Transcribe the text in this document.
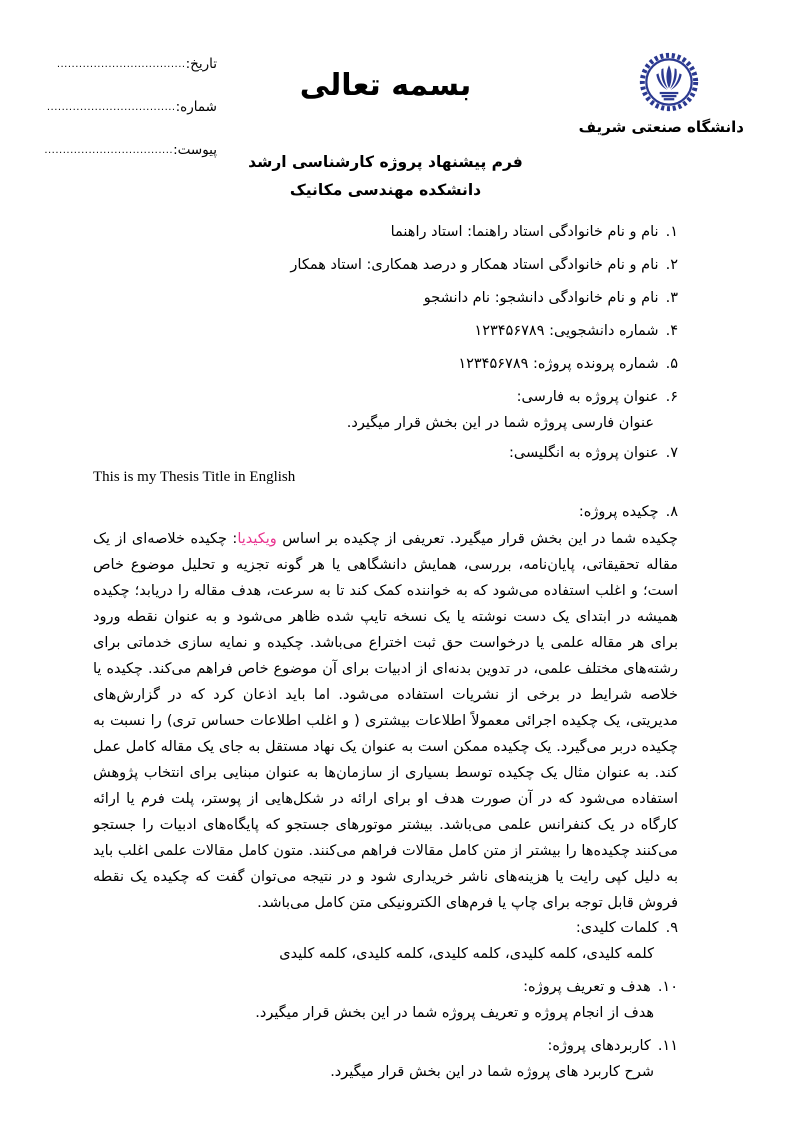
تاریخ:
...................................
شماره:
...................................
پیوست:
...................................
بسمه تعالی
دانشگاه صنعتی شریف
فرم پیشنهاد پروژه کارشناسی ارشد
دانشکده مهندسی مکانیک
۱.
نام و نام خانوادگی استاد راهنما: استاد راهنما
۲.
نام و نام خانوادگی استاد همکار و درصد همکاری: استاد همکار
۳.
نام و نام خانوادگی دانشجو: نام دانشجو
۴.
شماره دانشجویی: ۱۲۳۴۵۶۷۸۹
۵.
شماره پرونده پروژه: ۱۲۳۴۵۶۷۸۹
۶.
عنوان پروژه به فارسی:
عنوان فارسی پروژه شما در این بخش قرار میگیرد.
۷.
عنوان پروژه به انگلیسی:
This is my Thesis Title in English
۸.
چکیده پروژه:

چکیده شما در این بخش قرار میگیرد. تعریفی از چکیده بر اساس ویکیدیا: چکیده خلاصه‌ای از یک مقاله تحقیقاتی، پایان‌نامه، بررسی، همایش دانشگاهی یا هر گونه تجزیه و تحلیل موضوع خاص است؛ و اغلب استفاده می‌شود که به خواننده کمک کند تا به سرعت، هدف مقاله را دریابد؛ چکیده همیشه در ابتدای یک دست نوشته یا یک نسخه تایپ شده ظاهر می‌شود و به عنوان نقطه ورود برای هر مقاله علمی یا درخواست حق ثبت اختراع می‌باشد. چکیده و نمایه سازی خدماتی برای رشته‌های مختلف علمی، در تدوین بدنه‌ای از ادبیات برای آن موضوع خاص فراهم می‌کند. چکیده یا خلاصه شرایط در برخی از نشریات استفاده می‌شود. اما باید اذعان کرد که در گزارش‌های مدیریتی، یک چکیده اجرائی معمولاً اطلاعات بیشتری ( و اغلب اطلاعات حساس تری) را نسبت به چکیده دربر می‌گیرد. یک چکیده ممکن است به عنوان یک نهاد مستقل به جای یک مقاله کامل عمل کند. به عنوان مثال یک چکیده توسط بسیاری از سازمان‌ها به عنوان مبنایی برای انتخاب پژوهش استفاده می‌شود که در آن صورت هدف او برای ارائه در شکل‌هایی از پوستر، پلت فرم یا ارائه کارگاه در یک کنفرانس علمی می‌باشد. بیشتر موتورهای جستجو که پایگاه‌های ادبیات را جستجو می‌کنند چکیده‌ها را بیشتر از متن کامل مقالات فراهم می‌کنند. متون کامل مقالات علمی اغلب باید به دلیل کپی رایت یا هزینه‌های ناشر خریداری شود و در نتیجه می‌توان گفت که چکیده یک نقطه فروش قابل توجه برای چاپ یا فرم‌های الکترونیکی متن کامل می‌باشد.

۹.
کلمات کلیدی:
کلمه کلیدی، کلمه کلیدی، کلمه کلیدی، کلمه کلیدی، کلمه کلیدی
۱۰.
هدف و تعریف پروژه:
هدف از انجام پروژه و تعریف پروژه شما در این بخش قرار میگیرد.
۱۱.
کاربردهای پروژه:
شرح کاربرد های پروژه شما در این بخش قرار میگیرد.
